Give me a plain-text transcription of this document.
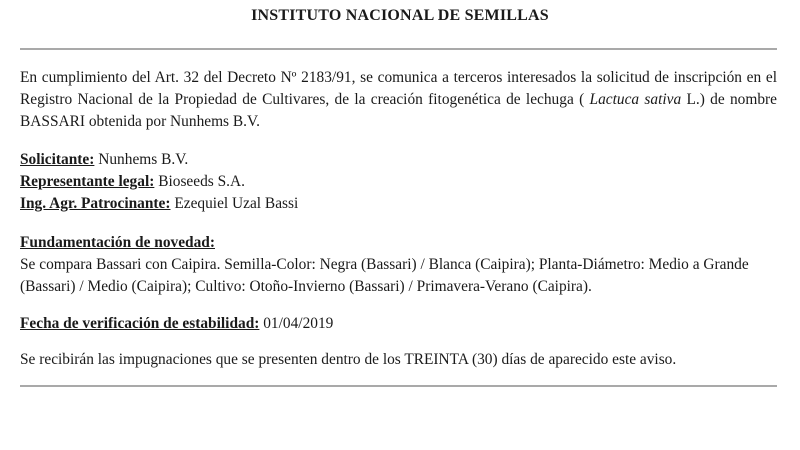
INSTITUTO NACIONAL DE SEMILLAS
En cumplimiento del Art. 32 del Decreto Nº 2183/91, se comunica a terceros interesados la solicitud de inscripción en el Registro Nacional de la Propiedad de Cultivares, de la creación fitogenética de lechuga ( Lactuca sativa L.) de nombre BASSARI obtenida por Nunhems B.V.
Solicitante: Nunhems B.V.
Representante legal: Bioseeds S.A.
Ing. Agr. Patrocinante: Ezequiel Uzal Bassi
Fundamentación de novedad:
Se compara Bassari con Caipira. Semilla-Color: Negra (Bassari) / Blanca (Caipira); Planta-Diámetro: Medio a Grande (Bassari) / Medio (Caipira); Cultivo: Otoño-Invierno (Bassari) / Primavera-Verano (Caipira).
Fecha de verificación de estabilidad: 01/04/2019
Se recibirán las impugnaciones que se presenten dentro de los TREINTA (30) días de aparecido este aviso.
